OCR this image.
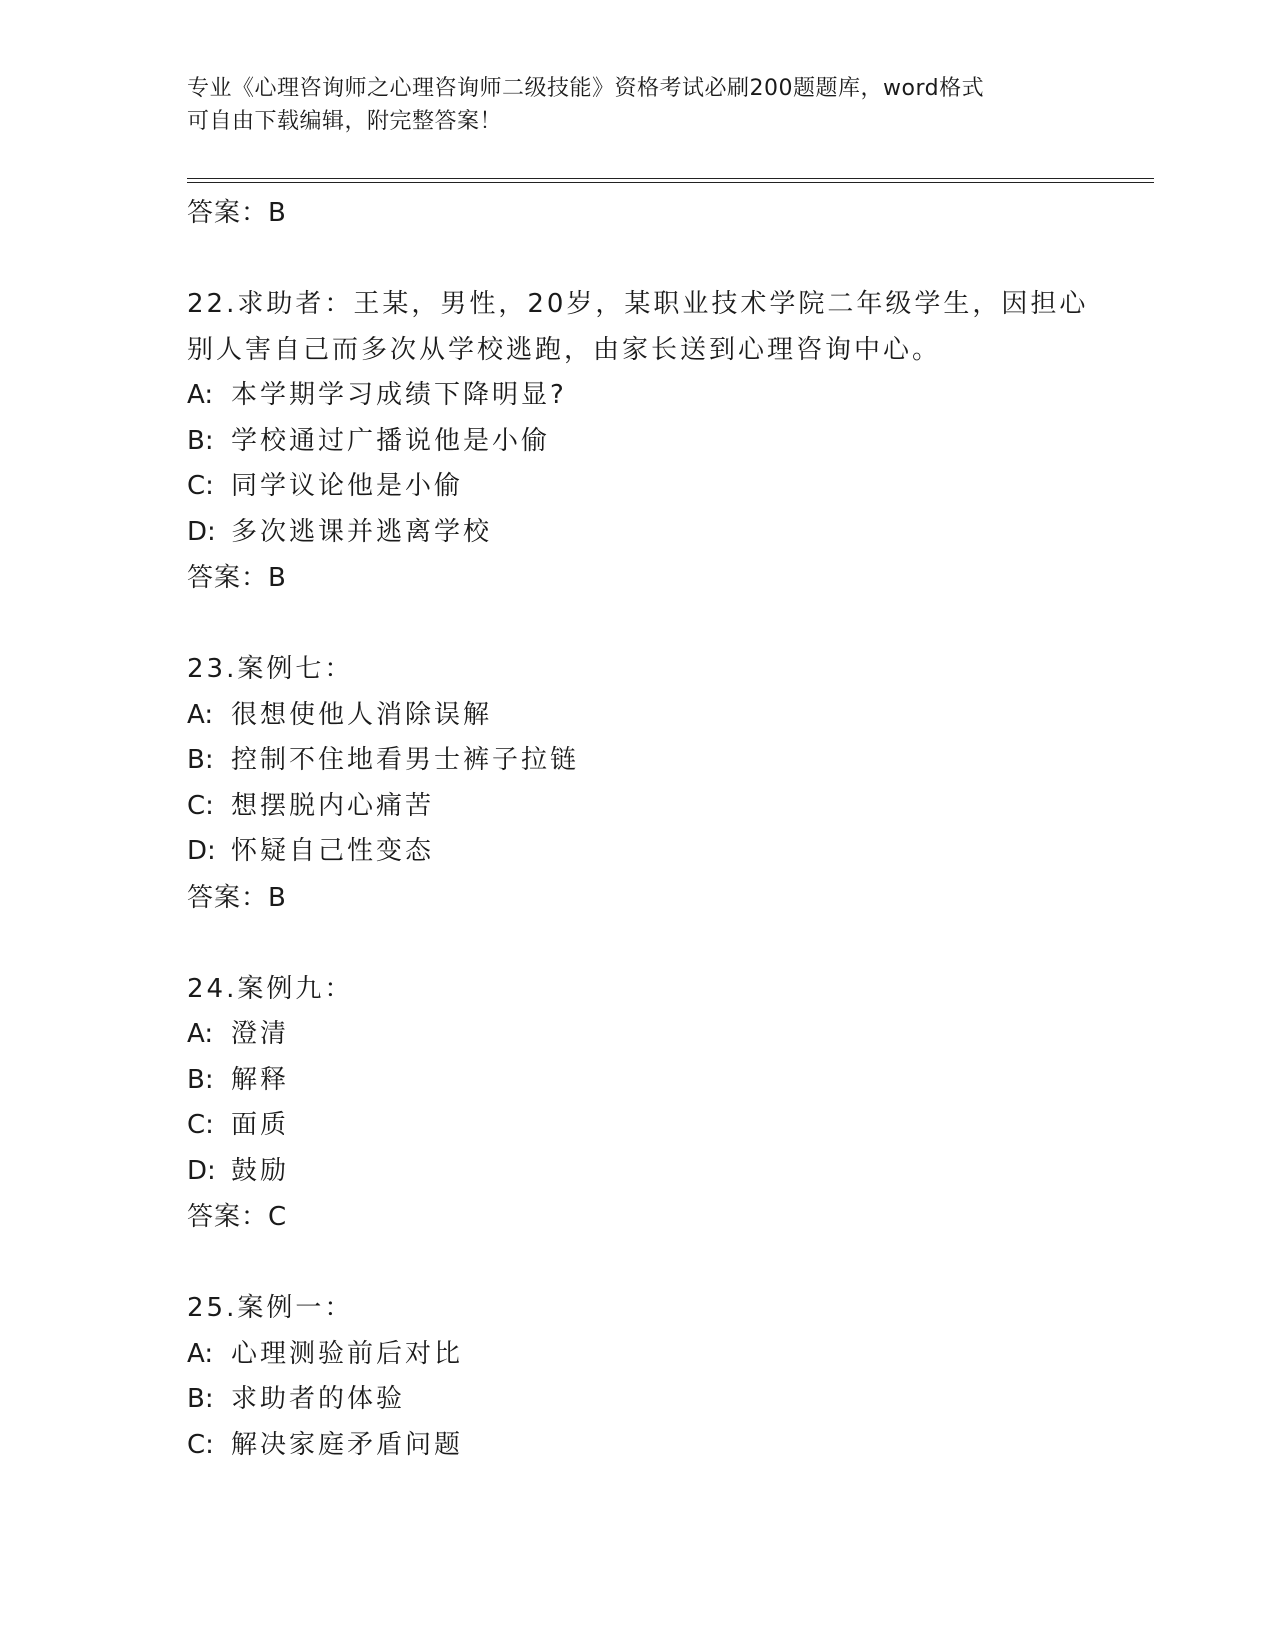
专业《心理咨询师之心理咨询师二级技能》资格考试必刷200题题库，word格式
可自由下载编辑，附完整答案！

答案：B

22.求助者：王某，男性，20岁，某职业技术学院二年级学生，因担心

别人害自己而多次从学校逃跑，由家长送到心理咨询中心。

A: 本学期学习成绩下降明显?

B: 学校通过广播说他是小偷

C: 同学议论他是小偷

D: 多次逃课并逃离学校

答案：B

23.案例七：

A: 很想使他人消除误解

B: 控制不住地看男士裤子拉链

C: 想摆脱内心痛苦

D: 怀疑自己性变态

答案：B

24.案例九：

A: 澄清

B: 解释

C: 面质

D: 鼓励

答案：C

25.案例一：

A: 心理测验前后对比

B: 求助者的体验

C: 解决家庭矛盾问题
